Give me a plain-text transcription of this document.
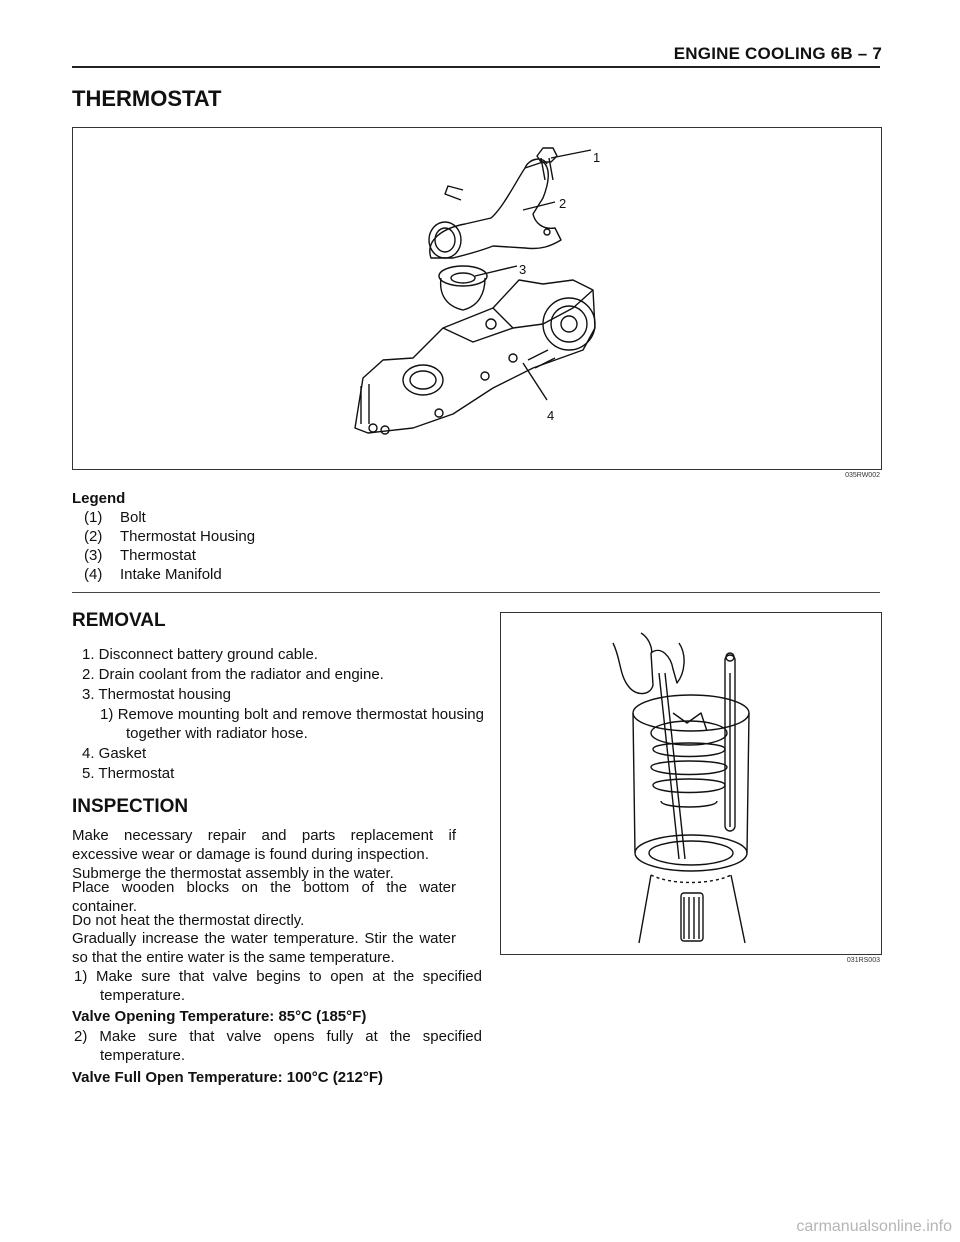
ENGINE COOLING 6B – 7
THERMOSTAT
1
2
3
4
035RW002
Legend
(1) Bolt
(2) Thermostat Housing
(3) Thermostat
(4) Intake Manifold
REMOVAL
1. Disconnect battery ground cable.
2. Drain coolant from the radiator and engine.
3. Thermostat housing
1) Remove mounting bolt and remove thermostat housing together with radiator hose.
4. Gasket
5. Thermostat
INSPECTION
Make necessary repair and parts replacement if excessive wear or damage is found during inspection.
Submerge the thermostat assembly in the water.
Place wooden blocks on the bottom of the water container.
Do not heat the thermostat directly.
Gradually increase the water temperature. Stir the water so that the entire water is the same temperature.
1) Make sure that valve begins to open at the specified temperature.
Valve Opening Temperature: 85°C (185°F)
2) Make sure that valve opens fully at the specified temperature.
Valve Full Open Temperature: 100°C (212°F)
031RS003
carmanualsonline.info
